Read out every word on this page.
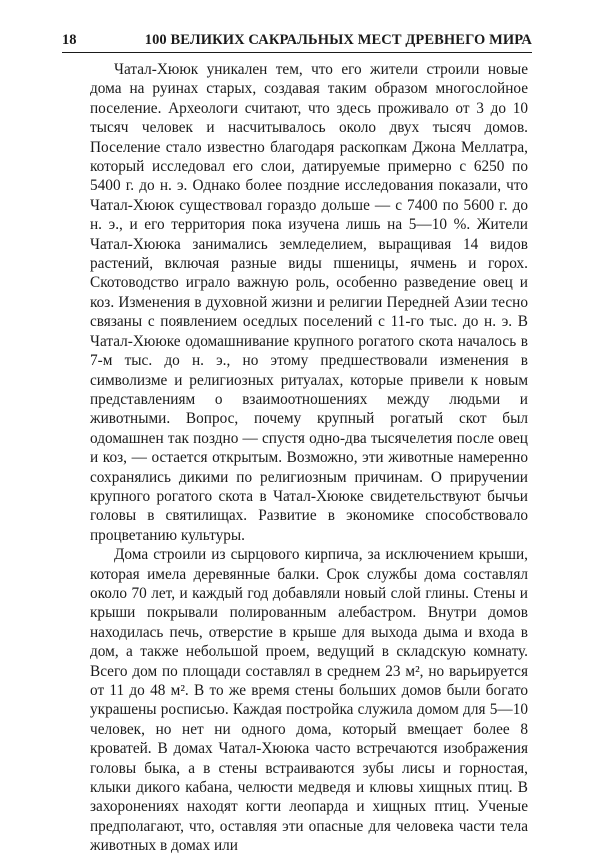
18	100 ВЕЛИКИХ САКРАЛЬНЫХ МЕСТ ДРЕВНЕГО МИРА

Чатал-Хююк уникален тем, что его жители строили новые дома на руинах старых, создавая таким образом многослойное поселение. Археологи считают, что здесь проживало от 3 до 10 тысяч человек и насчитывалось около двух тысяч домов. Поселение стало известно благодаря раскопкам Джона Меллатра, который исследовал его слои, датируемые примерно с 6250 по 5400 г. до н. э. Однако более поздние исследования показали, что Чатал-Хююк существовал гораздо дольше — с 7400 по 5600 г. до н. э., и его территория пока изучена лишь на 5—10 %. Жители Чатал-Хююка занимались земледелием, выращивая 14 видов растений, включая разные виды пшеницы, ячмень и горох. Скотоводство играло важную роль, особенно разведение овец и коз. Изменения в духовной жизни и религии Передней Азии тесно связаны с появлением оседлых поселений с 11-го тыс. до н. э. В Чатал-Хююке одомашнивание крупного рогатого скота началось в 7-м тыс. до н. э., но этому предшествовали изменения в символизме и религиозных ритуалах, которые привели к новым представлениям о взаимоотношениях между людьми и животными. Вопрос, почему крупный рогатый скот был одомашнен так поздно — спустя одно-два тысячелетия после овец и коз, — остается открытым. Возможно, эти животные намеренно сохранялись дикими по религиозным причинам. О приручении крупного рогатого скота в Чатал-Хююке свидетельствуют бычьи головы в святилищах. Развитие в экономике способствовало процветанию культуры.

Дома строили из сырцового кирпича, за исключением крыши, которая имела деревянные балки. Срок службы дома составлял около 70 лет, и каждый год добавляли новый слой глины. Стены и крыши покрывали полированным алебастром. Внутри домов находилась печь, отверстие в крыше для выхода дыма и входа в дом, а также небольшой проем, ведущий в складскую комнату. Всего дом по площади составлял в среднем 23 м², но варьируется от 11 до 48 м². В то же время стены больших домов были богато украшены росписью. Каждая постройка служила домом для 5—10 человек, но нет ни одного дома, который вмещает более 8 кроватей. В домах Чатал-Хююка часто встречаются изображения головы быка, а в стены встраиваются зубы лисы и горностая, клыки дикого кабана, челюсти медведя и клювы хищных птиц. В захоронениях находят когти леопарда и хищных птиц. Ученые предполагают, что, оставляя эти опасные для человека части тела животных в домах или
